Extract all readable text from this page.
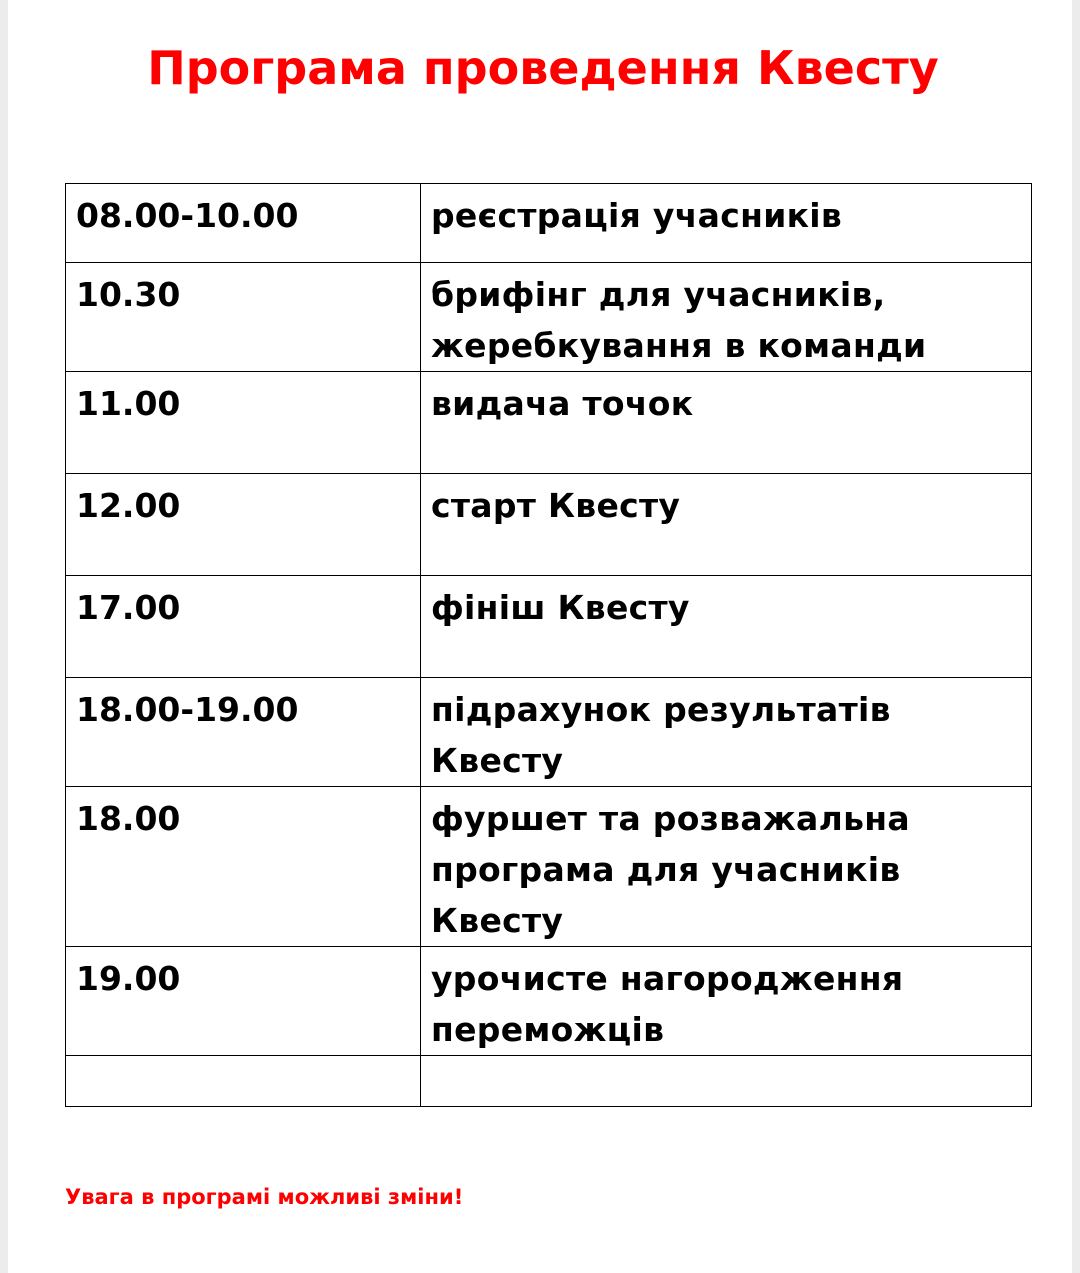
Програма проведення Квесту
08.00-10.00	реєстрація учасників
10.30	брифінг для учасників, жеребкування в команди
11.00	видача точок
12.00	старт Квесту
17.00	фініш Квесту
18.00-19.00	підрахунок результатів Квесту
18.00	фуршет та розважальна програма для учасників Квесту
19.00	урочисте нагородження переможців

Увага в програмі можливі зміни!
